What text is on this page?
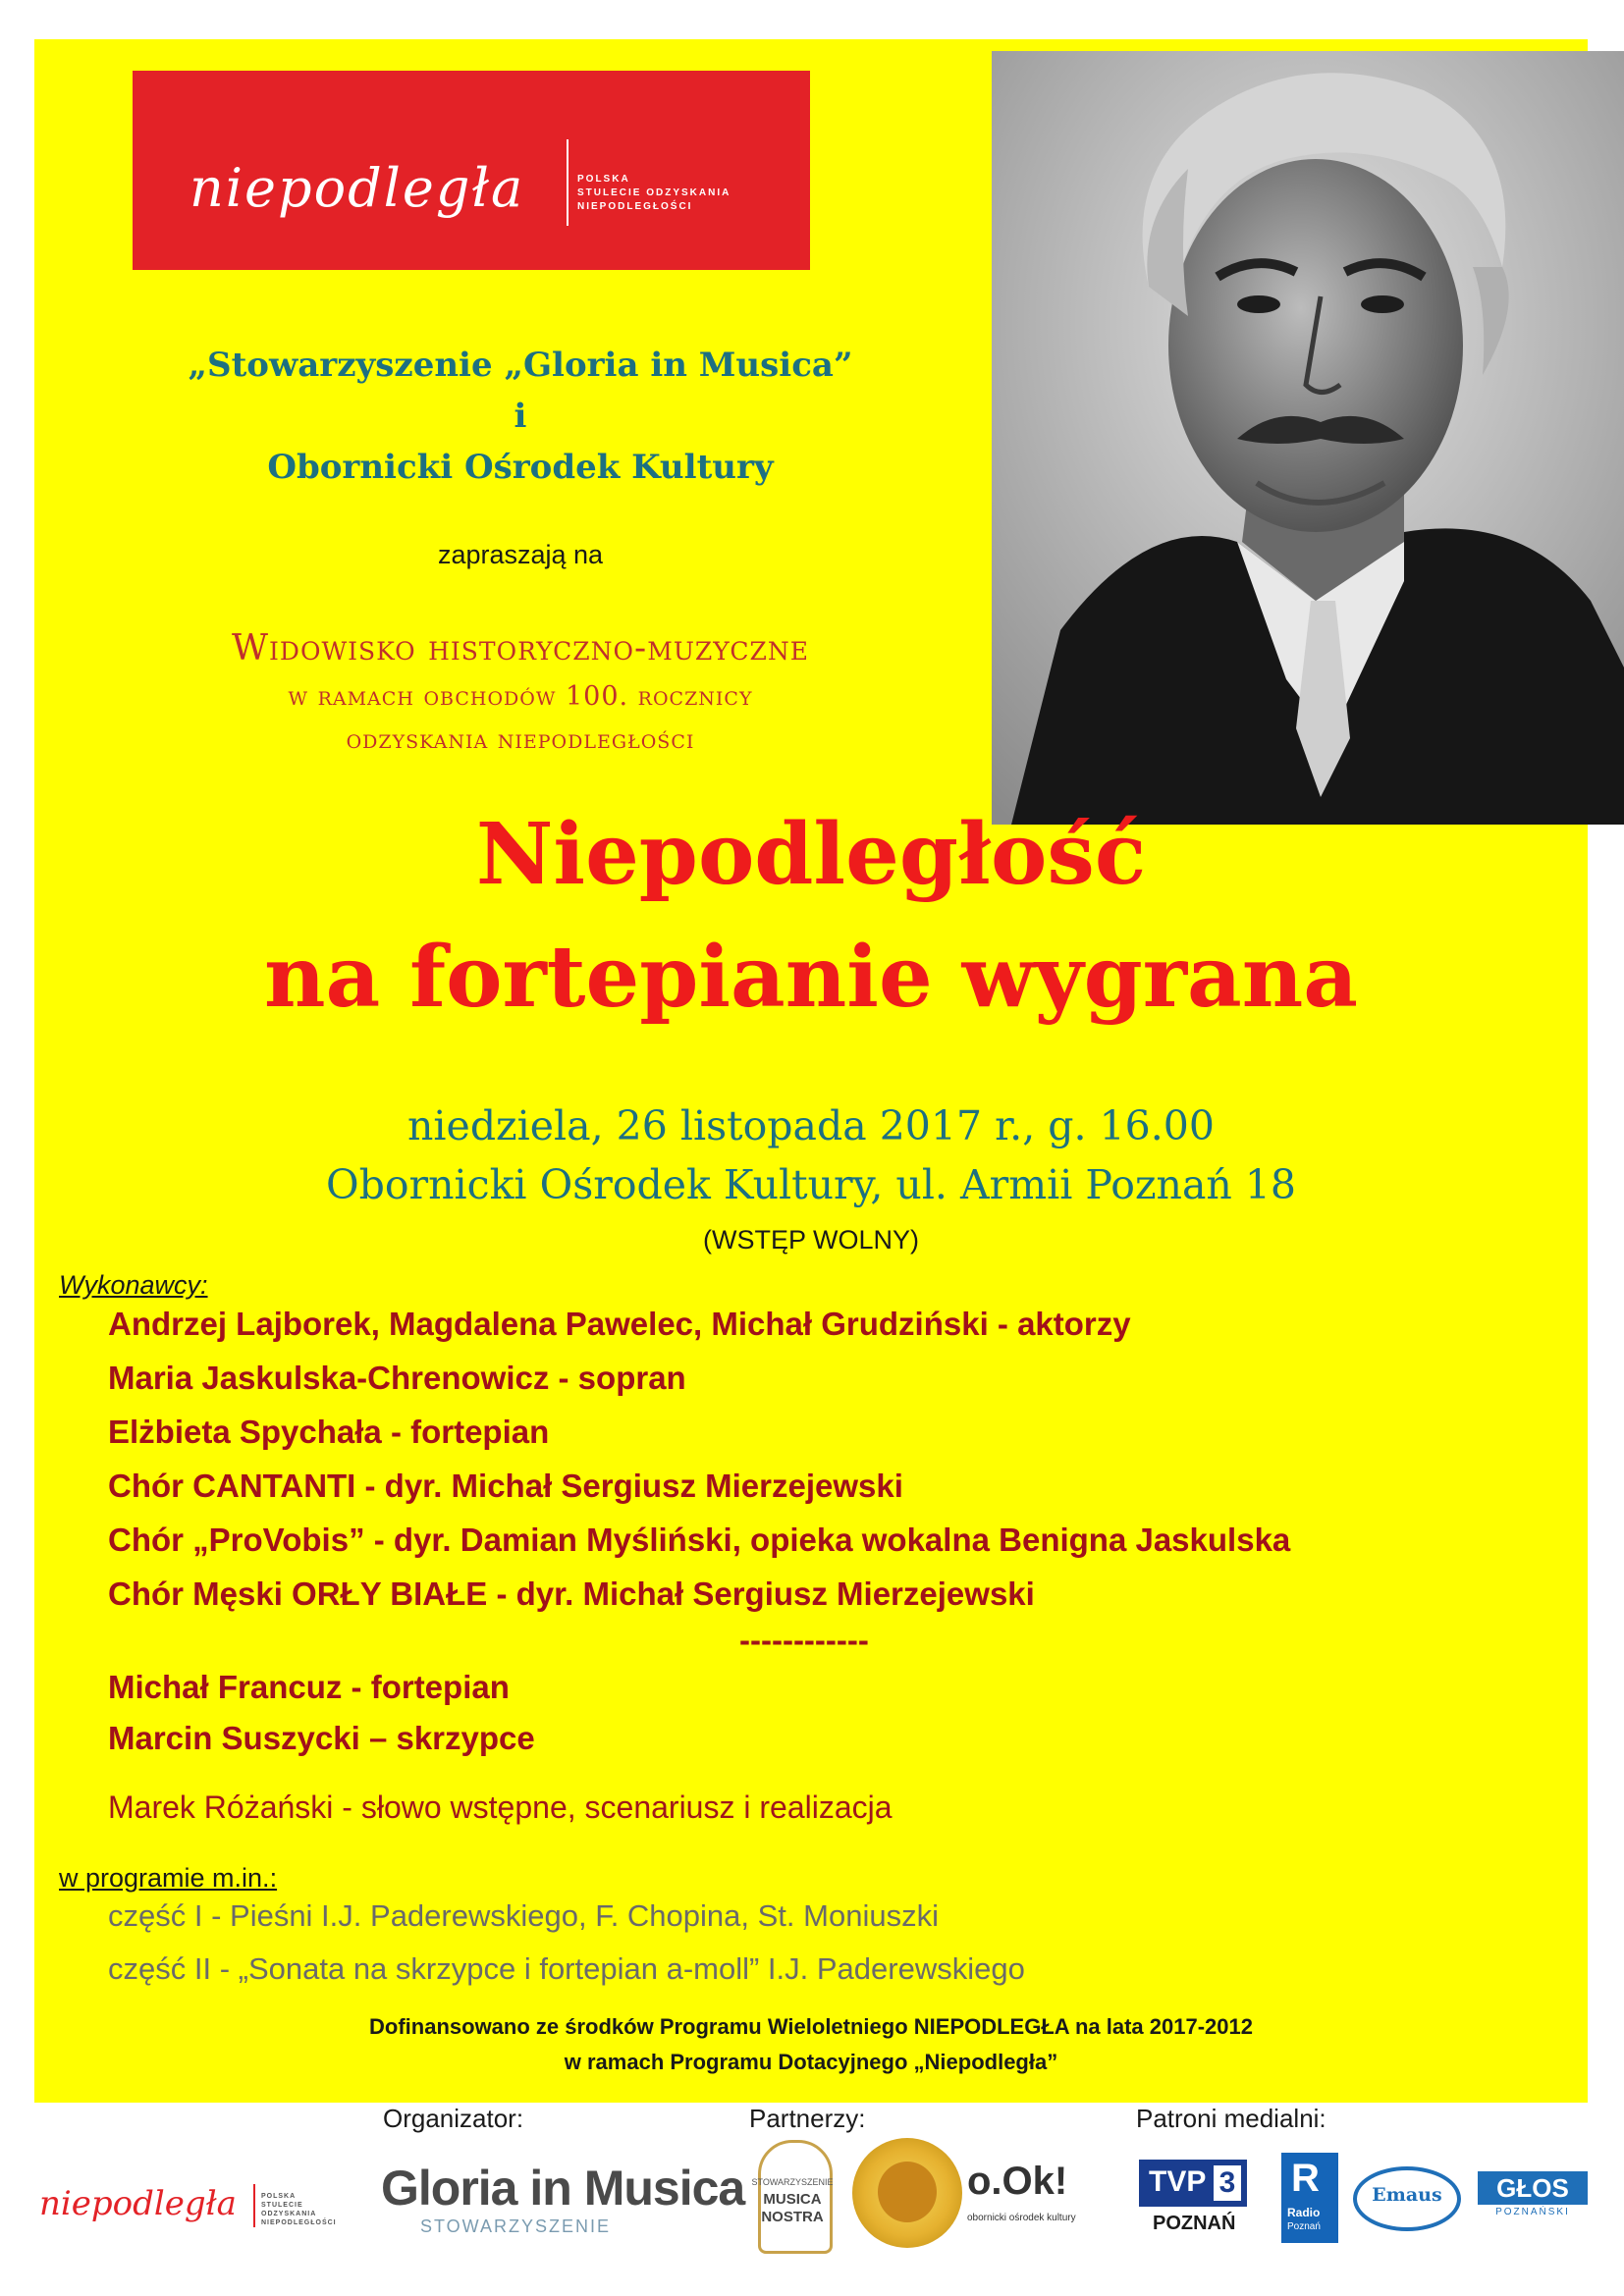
niepodległa	POLSKA
STULECIE ODZYSKANIA
NIEPODLEGŁOŚCI
„Stowarzyszenie „Gloria in Musica”
i
Obornicki Ośrodek Kultury
zapraszają na
Widowisko historyczno-muzyczne
w ramach obchodów 100. rocznicy
odzyskania niepodległości
Niepodległość
na fortepianie wygrana
niedziela, 26 listopada 2017 r., g. 16.00
Obornicki Ośrodek Kultury, ul. Armii Poznań 18
(WSTĘP WOLNY)
Wykonawcy:
Andrzej Lajborek, Magdalena Pawelec, Michał Grudziński - aktorzy
Maria Jaskulska-Chrenowicz - sopran
Elżbieta Spychała - fortepian
Chór CANTANTI - dyr. Michał Sergiusz Mierzejewski
Chór „ProVobis” - dyr. Damian Myśliński, opieka wokalna Benigna Jaskulska
Chór Męski ORŁY BIAŁE - dyr. Michał Sergiusz Mierzejewski
------------
Michał Francuz - fortepian
Marcin Suszycki – skrzypce
Marek Różański - słowo wstępne, scenariusz i realizacja
w programie m.in.:
część I - Pieśni I.J. Paderewskiego, F. Chopina, St. Moniuszki
część II - „Sonata na skrzypce i fortepian a-moll” I.J. Paderewskiego
Dofinansowano ze środków Programu Wieloletniego NIEPODLEGŁA na lata 2017-2012
w ramach Programu Dotacyjnego „Niepodległa”
Organizator:	Partnerzy:	Patroni medialni:
niepodległa	POLSKA
STULECIE ODZYSKANIA
NIEPODLEGŁOŚCI
Gloria in Musica
STOWARZYSZENIE
STOWARZYSZENIE
MUSICA
NOSTRA
o.Ok!
obornicki ośrodek kultury
TVP 3
POZNAŃ
R
Radio
Poznań
Emaus	GŁOS
POZNAŃSKI
